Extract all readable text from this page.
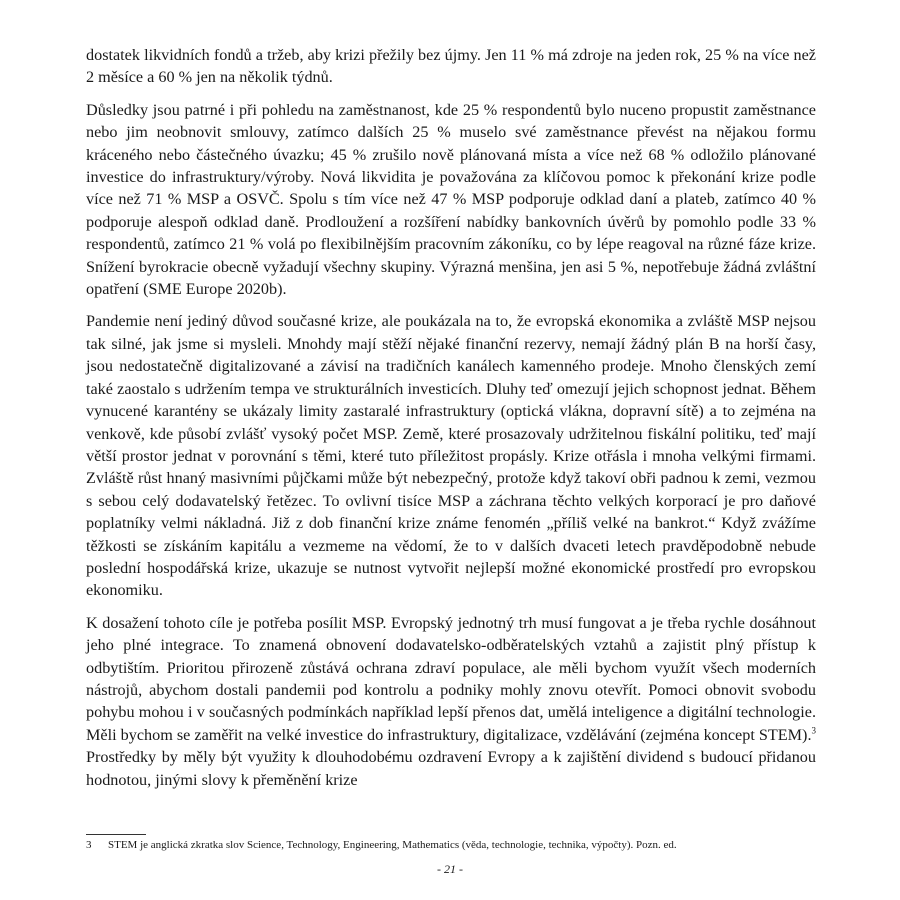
dostatek likvidních fondů a tržeb, aby krizi přežily bez újmy. Jen 11 % má zdroje na jeden rok, 25 % na více než 2 měsíce a 60 % jen na několik týdnů.

Důsledky jsou patrné i při pohledu na zaměstnanost, kde 25 % respondentů bylo nuceno propustit zaměstnance nebo jim neobnovit smlouvy, zatímco dalších 25 % muselo své zaměstnance převést na nějakou formu kráceného nebo částečného úvazku; 45 % zrušilo nově plánovaná místa a více než 68 % odložilo plánované investice do infrastruktury/výroby. Nová likvidita je považována za klíčovou pomoc k překonání krize podle více než 71 % MSP a OSVČ. Spolu s tím více než 47 % MSP podporuje odklad daní a plateb, zatímco 40 % podporuje alespoň odklad daně. Prodloužení a rozšíření nabídky bankovních úvěrů by pomohlo podle 33 % respondentů, zatímco 21 % volá po flexibilnějším pracovním zákoníku, co by lépe reagoval na různé fáze krize. Snížení byrokracie obecně vyžadují všechny skupiny. Výrazná menšina, jen asi 5 %, nepotřebuje žádná zvláštní opatření (SME Europe 2020b).

Pandemie není jediný důvod současné krize, ale poukázala na to, že evropská ekonomika a zvláště MSP nejsou tak silné, jak jsme si mysleli. Mnohdy mají stěží nějaké finanční rezervy, nemají žádný plán B na horší časy, jsou nedostatečně digitalizované a závisí na tradičních kanálech kamenného prodeje. Mnoho členských zemí také zaostalo s udržením tempa ve strukturálních investicích. Dluhy teď omezují jejich schopnost jednat. Během vynucené karantény se ukázaly limity zastaralé infrastruktury (optická vlákna, dopravní sítě) a to zejména na venkově, kde působí zvlášť vysoký počet MSP. Země, které prosazovaly udržitelnou fiskální politiku, teď mají větší prostor jednat v porovnání s těmi, které tuto příležitost propásly. Krize otřásla i mnoha velkými firmami. Zvláště růst hnaný masivními půjčkami může být nebezpečný, protože když takoví obři padnou k zemi, vezmou s sebou celý dodavatelský řetězec. To ovlivní tisíce MSP a záchrana těchto velkých korporací je pro daňové poplatníky velmi nákladná. Již z dob finanční krize známe fenomén „příliš velké na bankrot.“ Když zvážíme těžkosti se získáním kapitálu a vezmeme na vědomí, že to v dalších dvaceti letech pravděpodobně nebude poslední hospodářská krize, ukazuje se nutnost vytvořit nejlepší možné ekonomické prostředí pro evropskou ekonomiku.

K dosažení tohoto cíle je potřeba posílit MSP. Evropský jednotný trh musí fungovat a je třeba rychle dosáhnout jeho plné integrace. To znamená obnovení dodavatelsko-odběratelských vztahů a zajistit plný přístup k odbytištím. Prioritou přirozeně zůstává ochrana zdraví populace, ale měli bychom využít všech moderních nástrojů, abychom dostali pandemii pod kontrolu a podniky mohly znovu otevřít. Pomoci obnovit svobodu pohybu mohou i v současných podmínkách například lepší přenos dat, umělá inteligence a digitální technologie. Měli bychom se zaměřit na velké investice do infrastruktury, digitalizace, vzdělávání (zejména koncept STEM).$^3$ Prostředky by měly být využity k dlouhodobému ozdravení Evropy a k zajištění dividend s budoucí přidanou hodnotou, jinými slovy k přeměnění krize

3 STEM je anglická zkratka slov Science, Technology, Engineering, Mathematics (věda, technologie, technika, výpočty). Pozn. ed.
- 21 -
